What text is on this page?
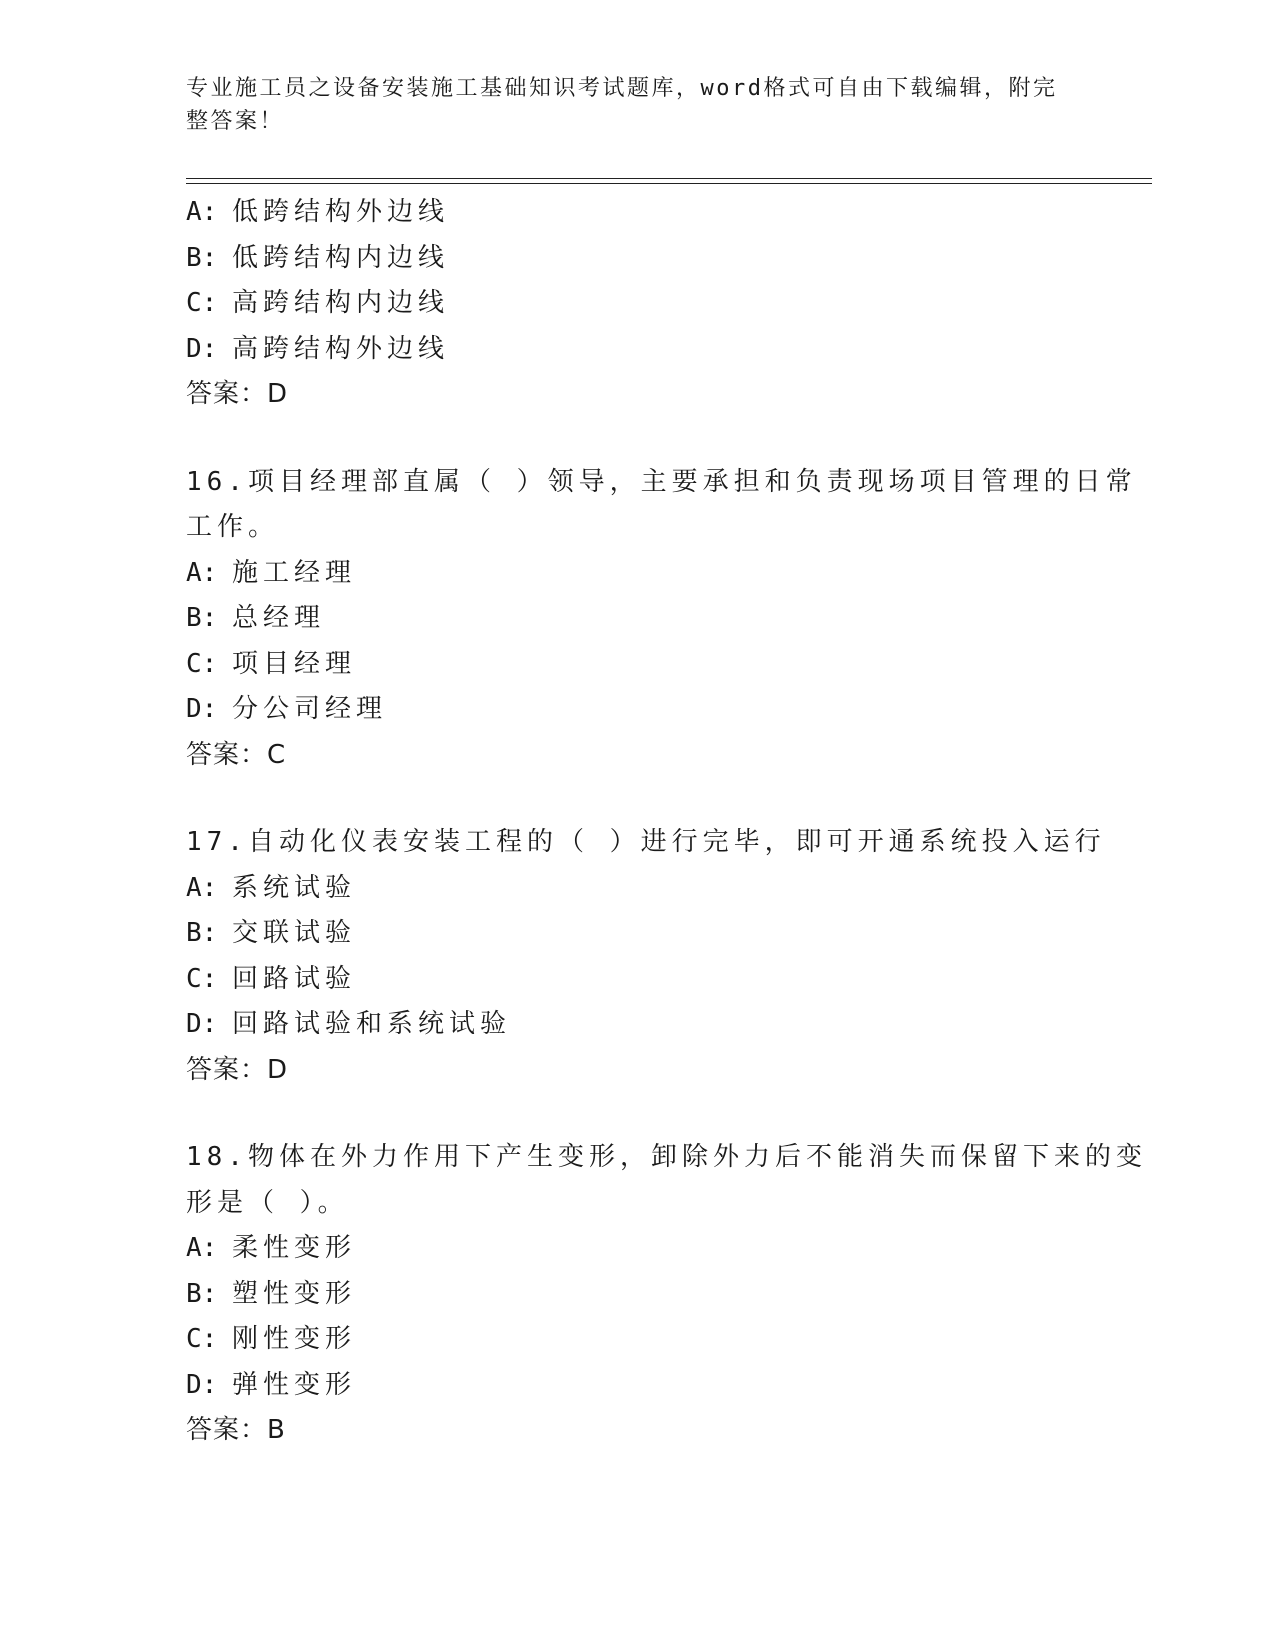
专业施工员之设备安装施工基础知识考试题库，word格式可自由下载编辑，附完
整答案！
A: 低跨结构外边线
B: 低跨结构内边线
C: 高跨结构内边线
D: 高跨结构外边线
答案：D
16.项目经理部直属（ ）领导，主要承担和负责现场项目管理的日常
工作。
A: 施工经理
B: 总经理
C: 项目经理
D: 分公司经理
答案：C
17.自动化仪表安装工程的（ ）进行完毕，即可开通系统投入运行
A: 系统试验
B: 交联试验
C: 回路试验
D: 回路试验和系统试验
答案：D
18.物体在外力作用下产生变形，卸除外力后不能消失而保留下来的变
形是（ ）。
A: 柔性变形
B: 塑性变形
C: 刚性变形
D: 弹性变形
答案：B
